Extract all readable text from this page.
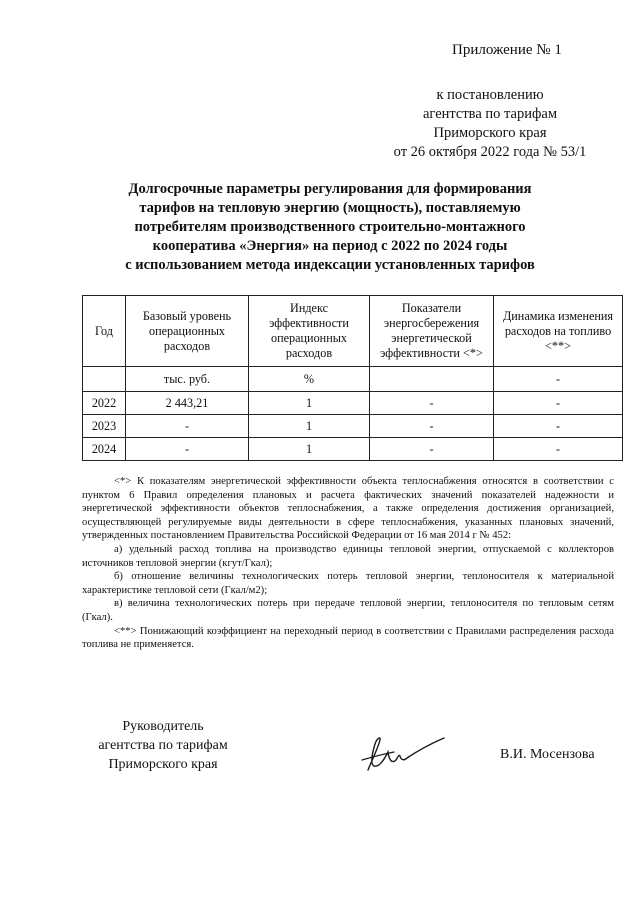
Приложение № 1
к постановлению
агентства по тарифам
Приморского края
от 26 октября 2022 года № 53/1
Долгосрочные параметры регулирования для формирования
тарифов на тепловую энергию (мощность), поставляемую
потребителям производственного строительно-монтажного
кооператива «Энергия» на период с 2022 по 2024 годы
с использованием метода индексации установленных тарифов
Год	Базовый уровень операционных расходов	Индекс эффективности операционных расходов	Показатели энергосбережения энергетической эффективности <*>	Динамика изменения расходов на топливо <**>
	тыс. руб.	%		-
2022	2 443,21	1	-	-
2023	-	1	-	-
2024	-	1	-	-

<*> К показателям энергетической эффективности объекта теплоснабжения относятся в соответствии с пунктом 6 Правил определения плановых и расчета фактических значений показателей надежности и энергетической эффективности объектов теплоснабжения, а также определения достижения организацией, осуществляющей регулируемые виды деятельности в сфере теплоснабжения, указанных плановых значений, утвержденных постановлением Правительства Российской Федерации от 16 мая 2014 г № 452:

а) удельный расход топлива на производство единицы тепловой энергии, отпускаемой с коллекторов источников тепловой энергии (кгут/Гкал);

б) отношение величины технологических потерь тепловой энергии, теплоносителя к материальной характеристике тепловой сети (Гкал/м2);

в) величина технологических потерь при передаче тепловой энергии, теплоносителя по тепловым сетям (Гкал).

<**> Понижающий коэффициент на переходный период в соответствии с Правилами распределения расхода топлива не применяется.

Руководитель
агентства по тарифам
Приморского края
В.И. Мосензова
